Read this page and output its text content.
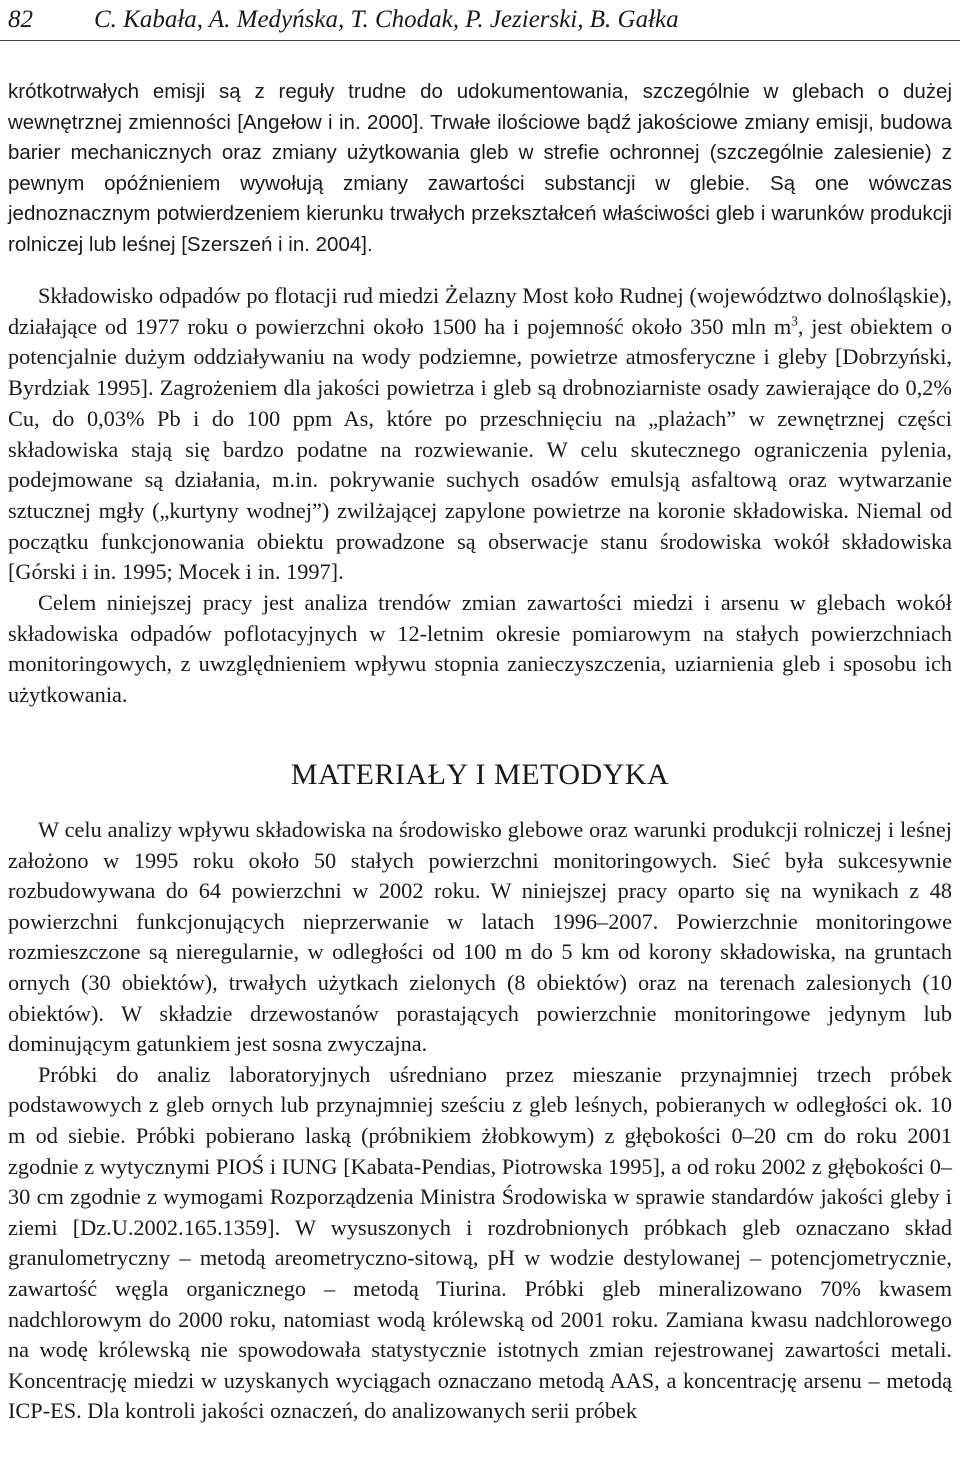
82 C. Kabała, A. Medyńska, T. Chodak, P. Jezierski, B. Gałka

krótkotrwałych emisji są z reguły trudne do udokumentowania, szczególnie w glebach o dużej wewnętrznej zmienności [Angełow i in. 2000]. Trwałe ilościowe bądź jakościowe zmiany emisji, budowa barier mechanicznych oraz zmiany użytkowania gleb w strefie ochronnej (szczególnie zalesienie) z pewnym opóźnieniem wywołują zmiany zawartości substancji w glebie. Są one wówczas jednoznacznym potwierdzeniem kierunku trwałych przekształceń właściwości gleb i warunków produkcji rolniczej lub leśnej [Szerszeń i in. 2004].

Składowisko odpadów po flotacji rud miedzi Żelazny Most koło Rudnej (województwo dolnośląskie), działające od 1977 roku o powierzchni około 1500 ha i pojemność około 350 mln $m^3$, jest obiektem o potencjalnie dużym oddziaływaniu na wody podziemne, powietrze atmosferyczne i gleby [Dobrzyński, Byrdziak 1995]. Zagrożeniem dla jakości powietrza i gleb są drobnoziarniste osady zawierające do 0,2% Cu, do 0,03% Pb i do 100 ppm As, które po przeschnięciu na „plażach” w zewnętrznej części składowiska stają się bardzo podatne na rozwiewanie. W celu skutecznego ograniczenia pylenia, podejmowane są działania, m.in. pokrywanie suchych osadów emulsją asfaltową oraz wytwarzanie sztucznej mgły („kurtyny wodnej”) zwilżającej zapylone powietrze na koronie składowiska. Niemal od początku funkcjonowania obiektu prowadzone są obserwacje stanu środowiska wokół składowiska [Górski i in. 1995; Mocek i in. 1997].

Celem niniejszej pracy jest analiza trendów zmian zawartości miedzi i arsenu w glebach wokół składowiska odpadów poflotacyjnych w 12-letnim okresie pomiarowym na stałych powierzchniach monitoringowych, z uwzględnieniem wpływu stopnia zanieczyszczenia, uziarnienia gleb i sposobu ich użytkowania.

MATERIAŁY I METODYKA

W celu analizy wpływu składowiska na środowisko glebowe oraz warunki produkcji rolniczej i leśnej założono w 1995 roku około 50 stałych powierzchni monitoringowych. Sieć była sukcesywnie rozbudowywana do 64 powierzchni w 2002 roku. W niniejszej pracy oparto się na wynikach z 48 powierzchni funkcjonujących nieprzerwanie w latach 1996–2007. Powierzchnie monitoringowe rozmieszczone są nieregularnie, w odległości od 100 m do 5 km od korony składowiska, na gruntach ornych (30 obiektów), trwałych użytkach zielonych (8 obiektów) oraz na terenach zalesionych (10 obiektów). W składzie drzewostanów porastających powierzchnie monitoringowe jedynym lub dominującym gatunkiem jest sosna zwyczajna.

Próbki do analiz laboratoryjnych uśredniano przez mieszanie przynajmniej trzech próbek podstawowych z gleb ornych lub przynajmniej sześciu z gleb leśnych, pobieranych w odległości ok. 10 m od siebie. Próbki pobierano laską (próbnikiem żłobkowym) z głębokości 0–20 cm do roku 2001 zgodnie z wytycznymi PIOŚ i IUNG [Kabata-Pendias, Piotrowska 1995], a od roku 2002 z głębokości 0–30 cm zgodnie z wymogami Rozporządzenia Ministra Środowiska w sprawie standardów jakości gleby i ziemi [Dz.U.2002.165.1359]. W wysuszonych i rozdrobnionych próbkach gleb oznaczano skład granulometryczny – metodą areometryczno-sitową, pH w wodzie destylowanej – potencjometrycznie, zawartość węgla organicznego – metodą Tiurina. Próbki gleb mineralizowano 70% kwasem nadchlorowym do 2000 roku, natomiast wodą królewską od 2001 roku. Zamiana kwasu nadchlorowego na wodę królewską nie spowodowała statystycznie istotnych zmian rejestrowanej zawartości metali. Koncentrację miedzi w uzyskanych wyciągach oznaczano metodą AAS, a koncentrację arsenu – metodą ICP-ES. Dla kontroli jakości oznaczeń, do analizowanych serii próbek
